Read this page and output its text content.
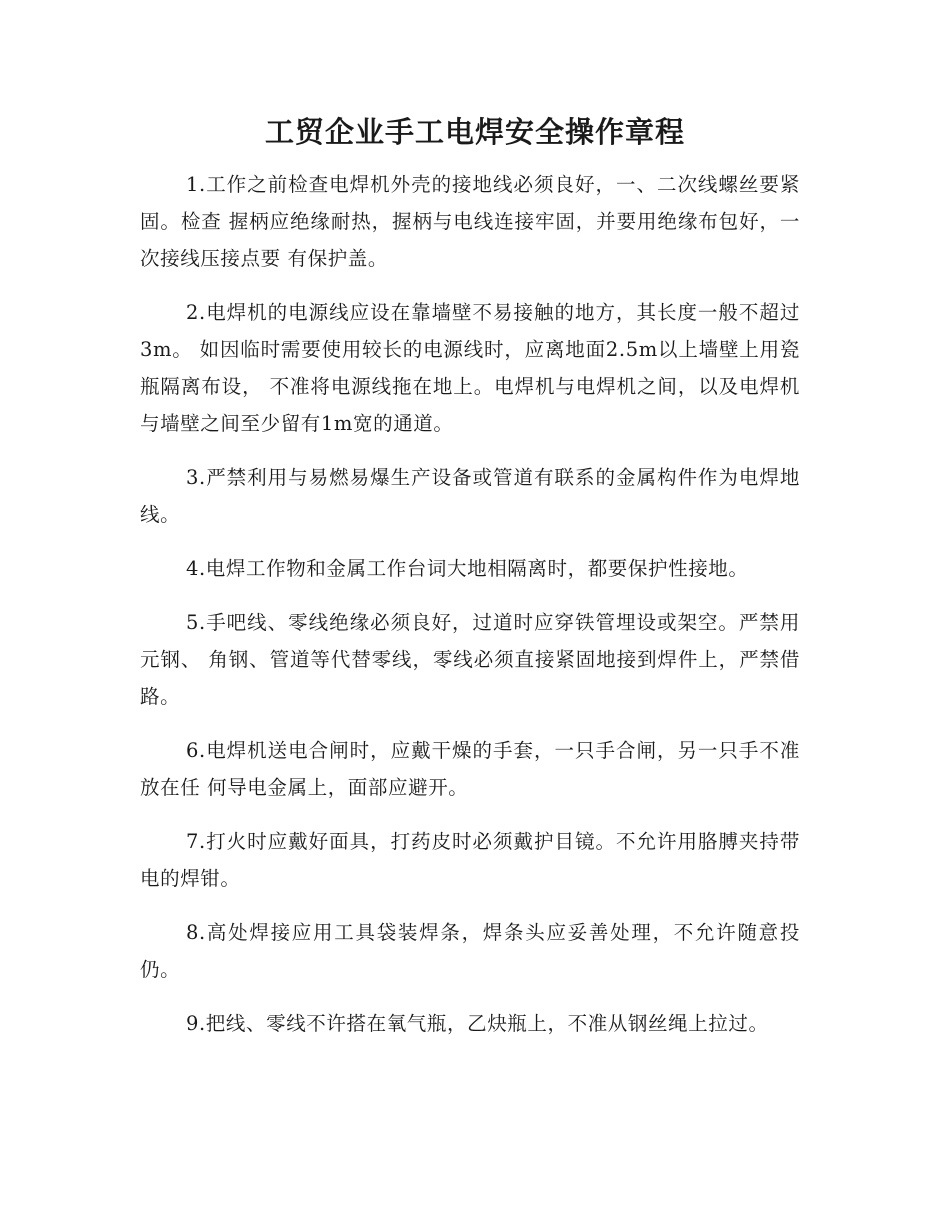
工贸企业手工电焊安全操作章程

1.工作之前检查电焊机外壳的接地线必须良好，一、二次线螺丝要紧固。检查 握柄应绝缘耐热，握柄与电线连接牢固，并要用绝缘布包好，一次接线压接点要 有保护盖。

2.电焊机的电源线应设在靠墙壁不易接触的地方，其长度一般不超过3m。 如因临时需要使用较长的电源线时，应离地面2.5m以上墙壁上用瓷瓶隔离布设， 不准将电源线拖在地上。电焊机与电焊机之间，以及电焊机与墙壁之间至少留有1m宽的通道。

3.严禁利用与易燃易爆生产设备或管道有联系的金属构件作为电焊地线。

4.电焊工作物和金属工作台词大地相隔离时，都要保护性接地。

5.手吧线、零线绝缘必须良好，过道时应穿铁管埋设或架空。严禁用元钢、 角钢、管道等代替零线，零线必须直接紧固地接到焊件上，严禁借路。

6.电焊机送电合闸时，应戴干燥的手套，一只手合闸，另一只手不准放在任 何导电金属上，面部应避开。

7.打火时应戴好面具，打药皮时必须戴护目镜。不允许用胳膊夹持带电的焊钳。

8.高处焊接应用工具袋装焊条，焊条头应妥善处理，不允许随意投仍。

9.把线、零线不许搭在氧气瓶，乙炔瓶上，不准从钢丝绳上拉过。
